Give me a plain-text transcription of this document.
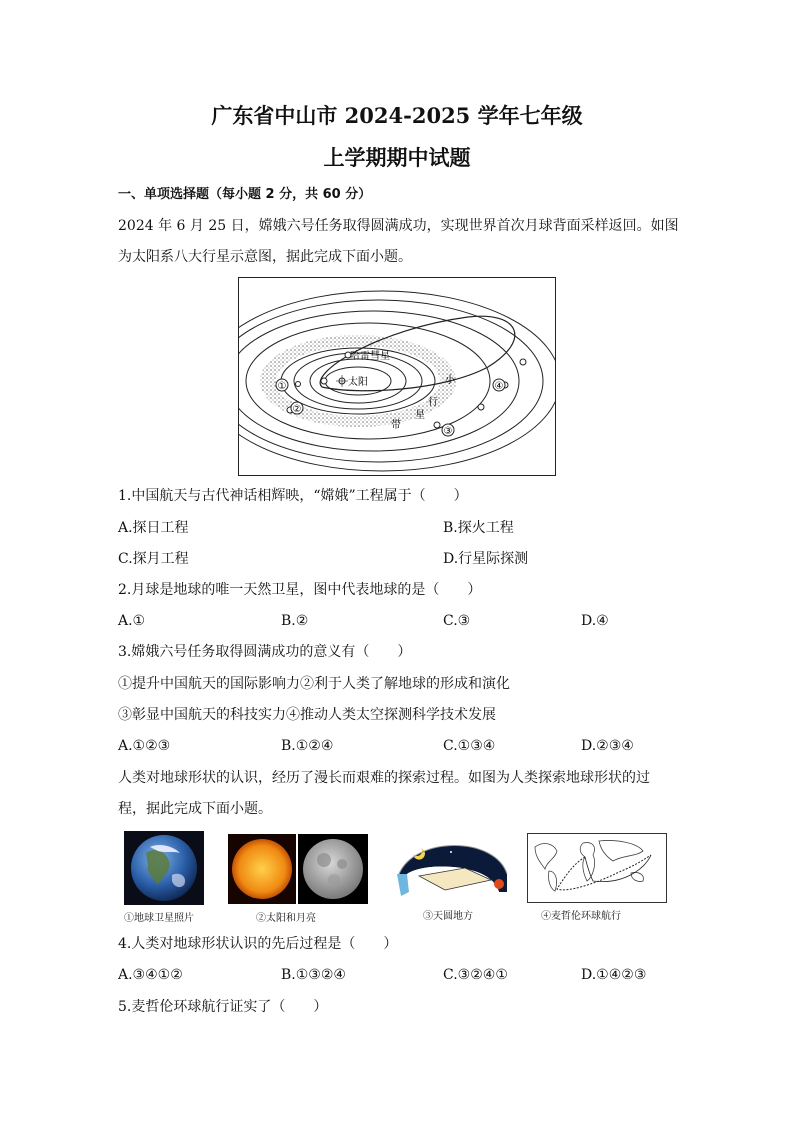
广东省中山市 2024-2025 学年七年级
上学期期中试题
一、单项选择题（每小题 2 分，共 60 分）
2024 年 6 月 25 日，嫦娥六号任务取得圆满成功，实现世界首次月球背面采样返回。如图
为太阳系八大行星示意图，据此完成下面小题。
①
②
③
④
哈雷彗星
太阳	小
行
星
带
1.中国航天与古代神话相辉映，“嫦娥”工程属于（　　）
A.探日工程	B.探火工程
C.探月工程	D.行星际探测
2.月球是地球的唯一天然卫星，图中代表地球的是（　　）
A.①	B.②	C.③	D.④
3.嫦娥六号任务取得圆满成功的意义有（　　）
①提升中国航天的国际影响力②利于人类了解地球的形成和演化
③彰显中国航天的科技实力④推动人类太空探测科学技术发展
A.①②③	B.①②④	C.①③④	D.②③④
人类对地球形状的认识，经历了漫长而艰难的探索过程。如图为人类探索地球形状的过
程，据此完成下面小题。
①地球卫星照片	②太阳和月亮	③天圆地方	④麦哲伦环球航行
4.人类对地球形状认识的先后过程是（　　）
A.③④①②	B.①③②④	C.③②④①	D.①④②③
5.麦哲伦环球航行证实了（　　）
